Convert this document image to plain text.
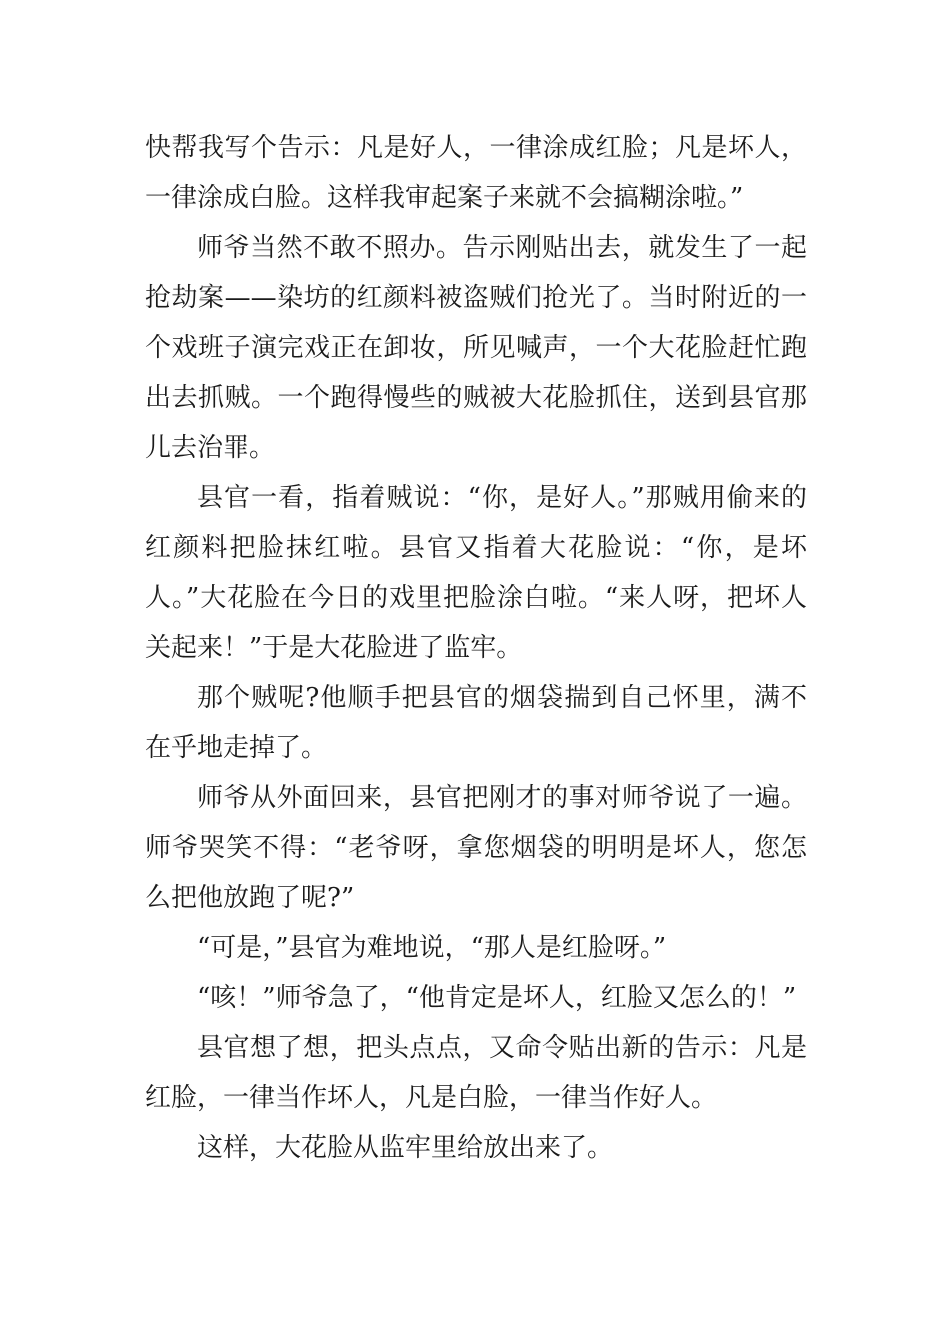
快帮我写个告示：凡是好人，一律涂成红脸；凡是坏人，一律涂成白脸。这样我审起案子来就不会搞糊涂啦。”

师爷当然不敢不照办。告示刚贴出去，就发生了一起抢劫案——染坊的红颜料被盗贼们抢光了。当时附近的一个戏班子演完戏正在卸妆，所见喊声，一个大花脸赶忙跑出去抓贼。一个跑得慢些的贼被大花脸抓住，送到县官那儿去治罪。

县官一看，指着贼说：“你，是好人。”那贼用偷来的红颜料把脸抹红啦。县官又指着大花脸说：“你，是坏人。”大花脸在今日的戏里把脸涂白啦。“来人呀，把坏人关起来！”于是大花脸进了监牢。

那个贼呢?他顺手把县官的烟袋揣到自己怀里，满不在乎地走掉了。

师爷从外面回来，县官把刚才的事对师爷说了一遍。师爷哭笑不得：“老爷呀，拿您烟袋的明明是坏人，您怎么把他放跑了呢?”

“可是，”县官为难地说，“那人是红脸呀。”

“咳！”师爷急了，“他肯定是坏人，红脸又怎么的！”

县官想了想，把头点点，又命令贴出新的告示：凡是红脸，一律当作坏人，凡是白脸，一律当作好人。

这样，大花脸从监牢里给放出来了。
